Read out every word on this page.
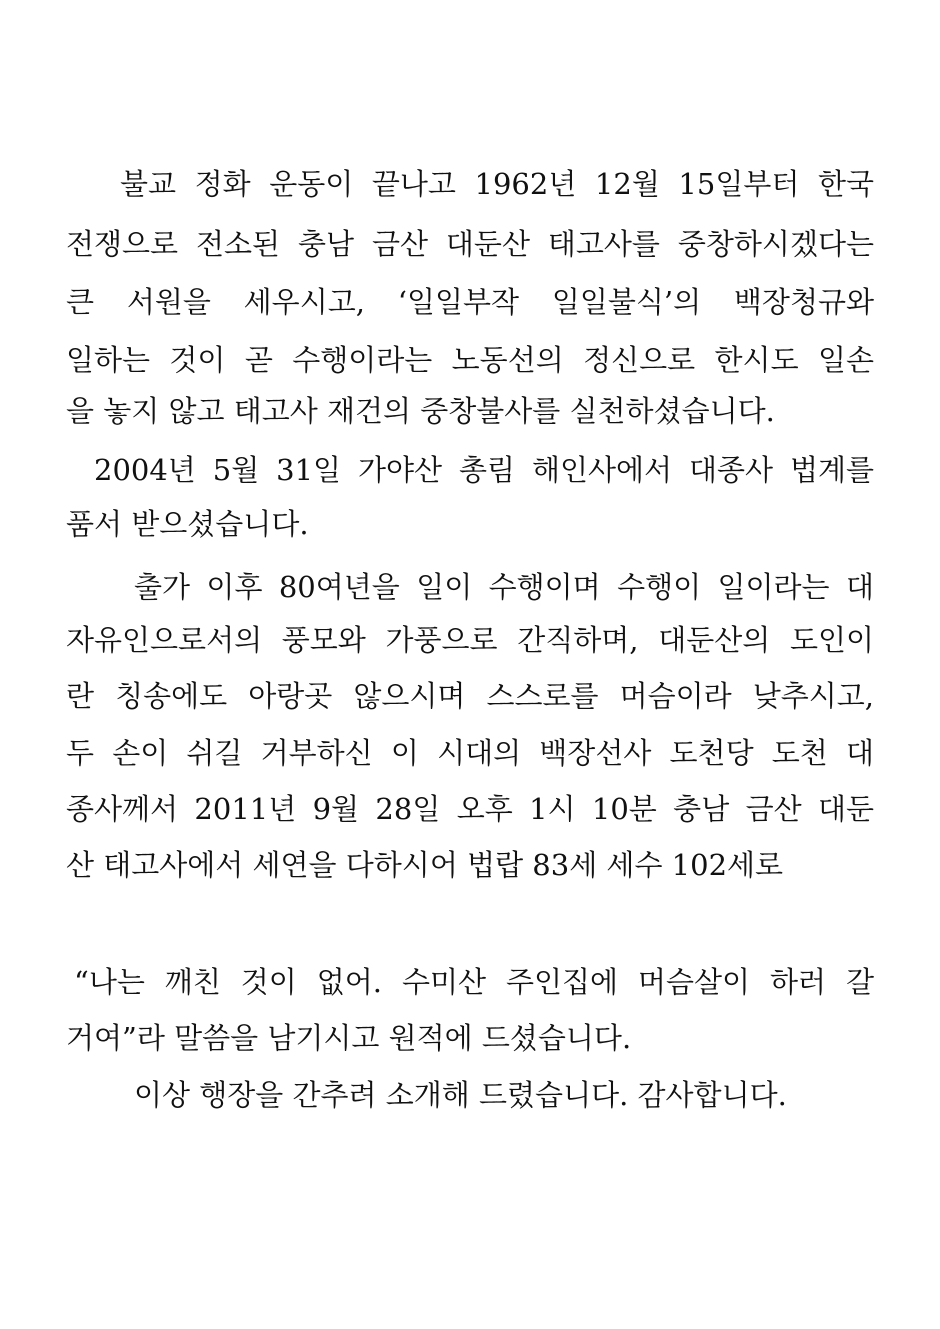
불교 정화 운동이 끝나고 1962년 12월 15일부터 한국
전쟁으로 전소된 충남 금산 대둔산 태고사를 중창하시겠다는
큰 서원을 세우시고, ‘일일부작 일일불식’의 백장청규와
일하는 것이 곧 수행이라는 노동선의 정신으로 한시도 일손
을 놓지 않고 태고사 재건의 중창불사를 실천하셨습니다.
2004년 5월 31일 가야산 총림 해인사에서 대종사 법계를
품서 받으셨습니다.
출가 이후 80여년을 일이 수행이며 수행이 일이라는 대
자유인으로서의 풍모와 가풍으로 간직하며, 대둔산의 도인이
란 칭송에도 아랑곳 않으시며 스스로를 머슴이라 낮추시고,
두 손이 쉬길 거부하신 이 시대의 백장선사 도천당 도천 대
종사께서 2011년 9월 28일 오후 1시 10분 충남 금산 대둔
산 태고사에서 세연을 다하시어 법랍 83세 세수 102세로
“나는 깨친 것이 없어. 수미산 주인집에 머슴살이 하러 갈
거여”라 말씀을 남기시고 원적에 드셨습니다.
이상 행장을 간추려 소개해 드렸습니다. 감사합니다.
